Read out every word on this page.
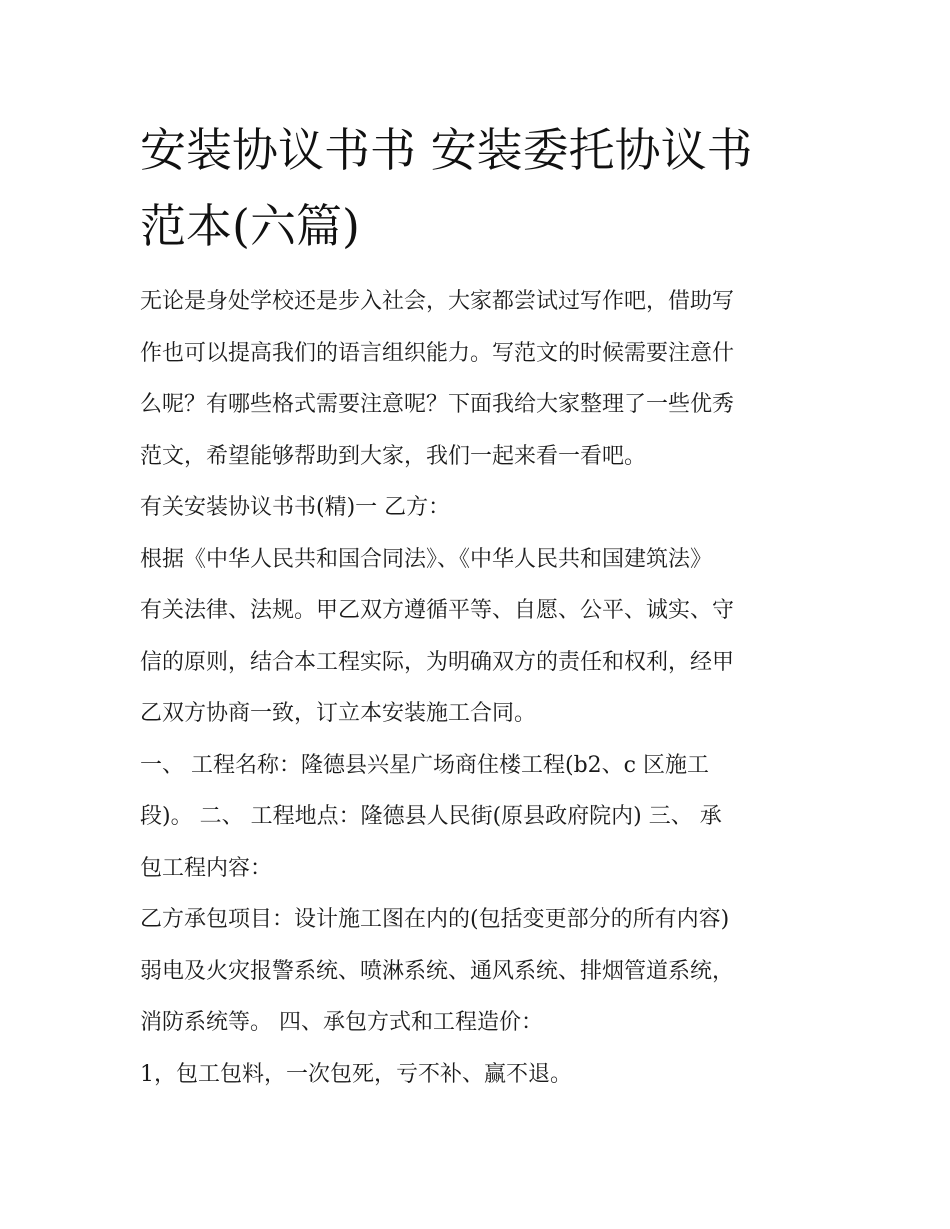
安装协议书书 安装委托协议书
范本(六篇)
无论是身处学校还是步入社会，大家都尝试过写作吧，借助写
作也可以提高我们的语言组织能力。写范文的时候需要注意什
么呢？有哪些格式需要注意呢？下面我给大家整理了一些优秀
范文，希望能够帮助到大家，我们一起来看一看吧。
有关安装协议书书(精)一 乙方：
根据《中华人民共和国合同法》、《中华人民共和国建筑法》
有关法律、法规。甲乙双方遵循平等、自愿、公平、诚实、守
信的原则，结合本工程实际，为明确双方的责任和权利，经甲
乙双方协商一致，订立本安装施工合同。
一、 工程名称：隆德县兴星广场商住楼工程(b2、c 区施工
段)。 二、 工程地点：隆德县人民街(原县政府院内) 三、 承
包工程内容：
乙方承包项目：设计施工图在内的(包括变更部分的所有内容)
弱电及火灾报警系统、喷淋系统、通风系统、排烟管道系统，
消防系统等。 四、承包方式和工程造价：
1，包工包料，一次包死，亏不补、赢不退。
